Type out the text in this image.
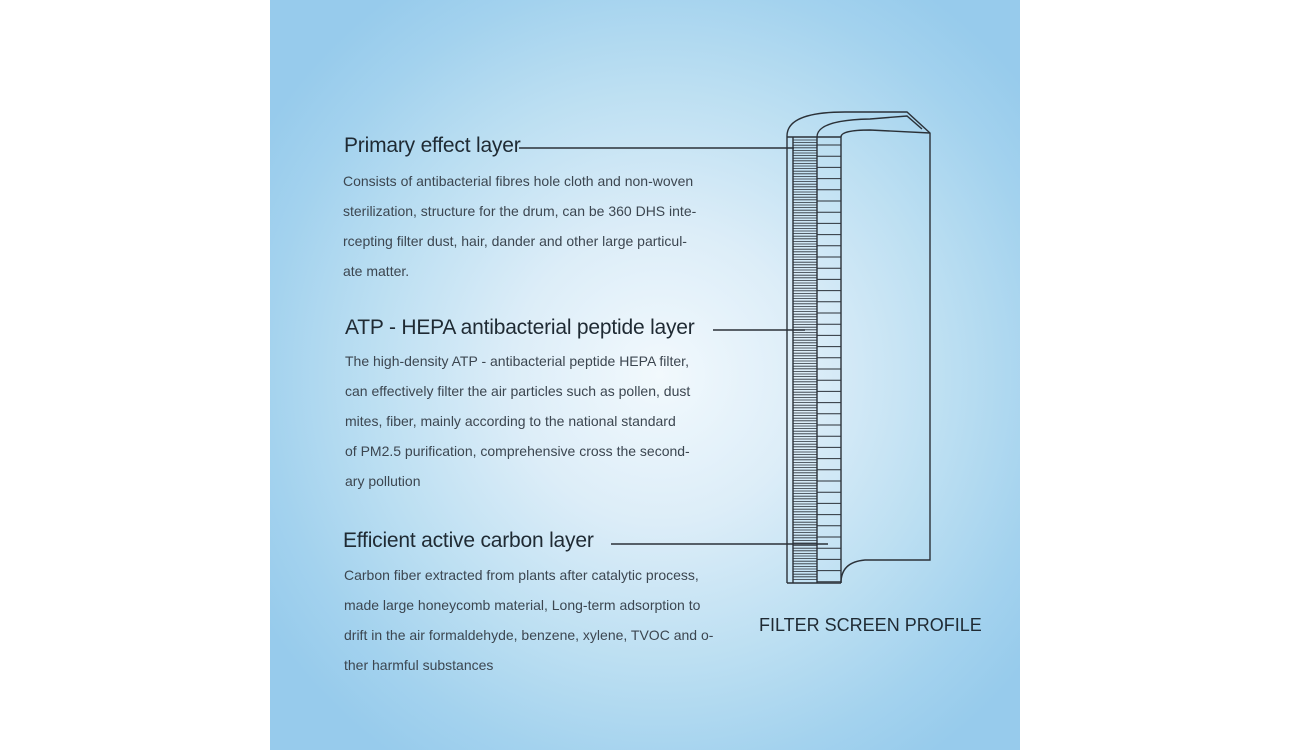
Primary effect layer
Consists of antibacterial fibres hole cloth and non-woven
sterilization, structure for the drum, can be 360 DHS inte-
rcepting filter dust, hair, dander and other large particul-
ate matter.
ATP - HEPA antibacterial peptide layer
The high-density ATP - antibacterial peptide HEPA filter,
can effectively filter the air particles such as pollen, dust
mites, fiber, mainly according to the national standard
of PM2.5 purification, comprehensive cross the second-
ary pollution
Efficient active carbon layer
Carbon fiber extracted from plants after catalytic process,
made large honeycomb material, Long-term adsorption to
drift in the air formaldehyde, benzene, xylene, TVOC and o-
ther harmful substances
FILTER SCREEN PROFILE
